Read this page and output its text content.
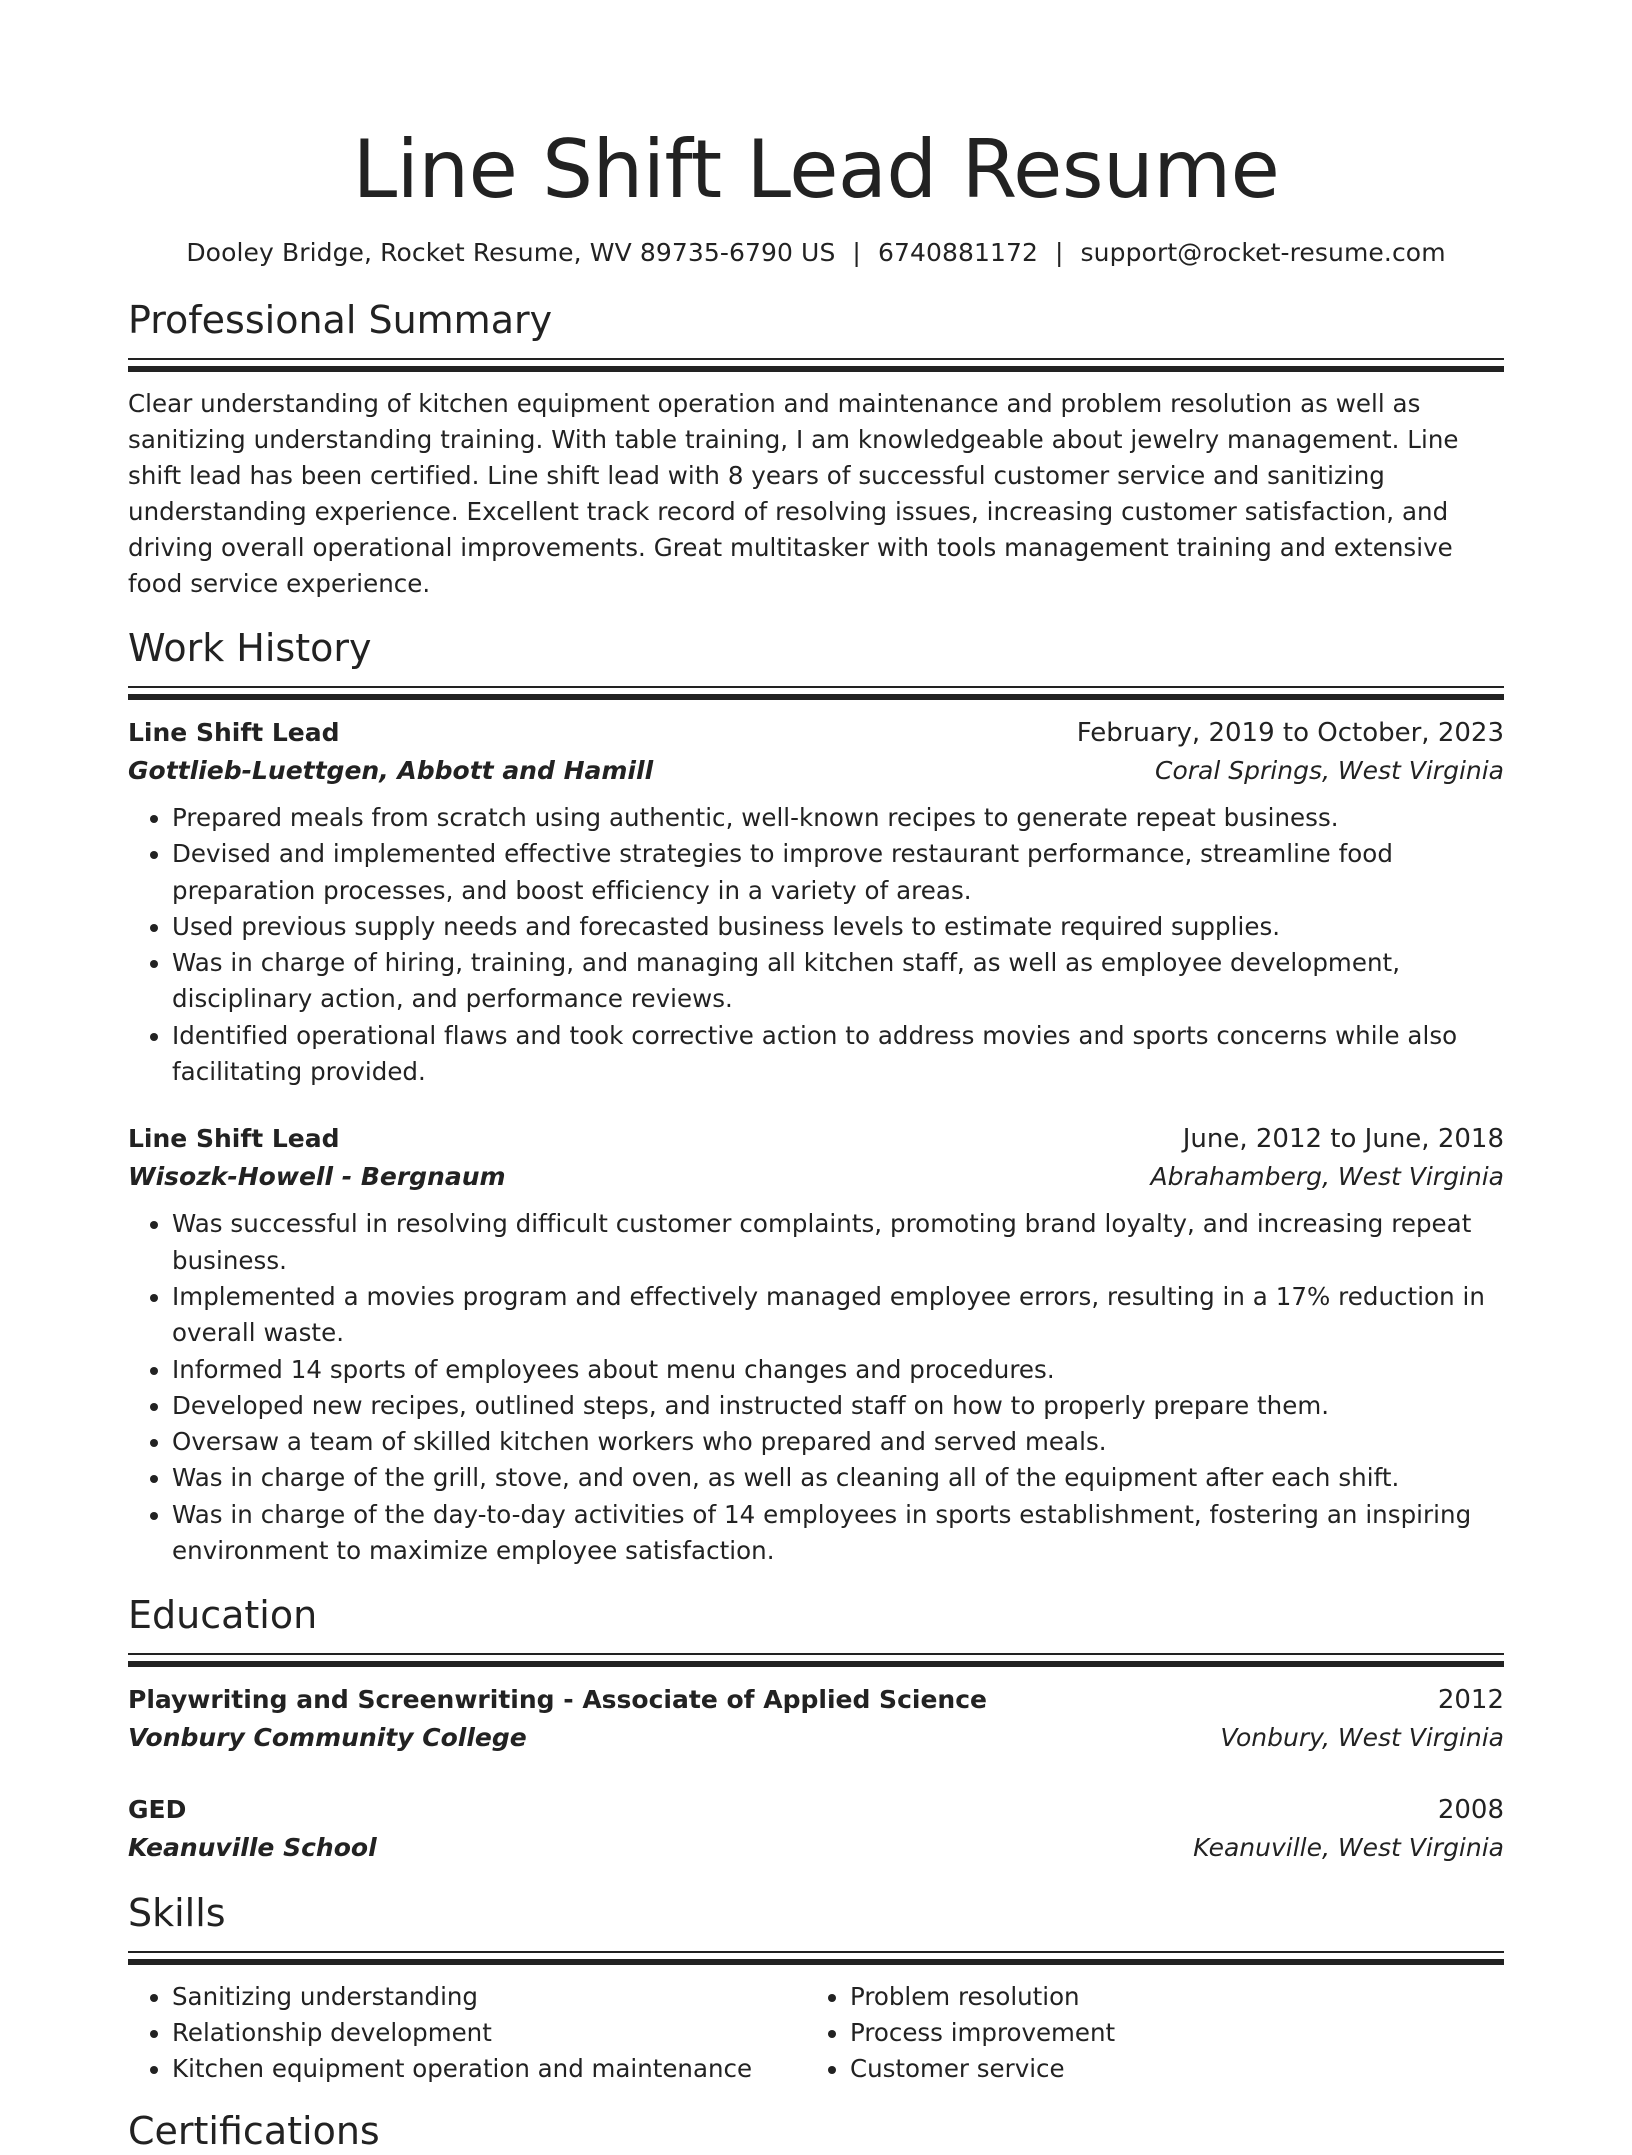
Line Shift Lead Resume
Dooley Bridge, Rocket Resume, WV 89735-6790 US | 6740881172 | support@rocket-resume.com
Professional Summary

Clear understanding of kitchen equipment operation and maintenance and problem resolution as well as sanitizing understanding training. With table training, I am knowledgeable about jewelry management. Line shift lead has been certified. Line shift lead with 8 years of successful customer service and sanitizing understanding experience. Excellent track record of resolving issues, increasing customer satisfaction, and driving overall operational improvements. Great multitasker with tools management training and extensive food service experience.

Work History
Line Shift Lead	February, 2019 to October, 2023
Gottlieb-Luettgen, Abbott and Hamill	Coral Springs, West Virginia
• Prepared meals from scratch using authentic, well-known recipes to generate repeat business.
• Devised and implemented effective strategies to improve restaurant performance, streamline food preparation processes, and boost efficiency in a variety of areas.
• Used previous supply needs and forecasted business levels to estimate required supplies.
• Was in charge of hiring, training, and managing all kitchen staff, as well as employee development, disciplinary action, and performance reviews.
• Identified operational flaws and took corrective action to address movies and sports concerns while also facilitating provided.
Line Shift Lead	June, 2012 to June, 2018
Wisozk-Howell - Bergnaum	Abrahamberg, West Virginia
• Was successful in resolving difficult customer complaints, promoting brand loyalty, and increasing repeat business.
• Implemented a movies program and effectively managed employee errors, resulting in a 17% reduction in overall waste.
• Informed 14 sports of employees about menu changes and procedures.
• Developed new recipes, outlined steps, and instructed staff on how to properly prepare them.
• Oversaw a team of skilled kitchen workers who prepared and served meals.
• Was in charge of the grill, stove, and oven, as well as cleaning all of the equipment after each shift.
• Was in charge of the day-to-day activities of 14 employees in sports establishment, fostering an inspiring environment to maximize employee satisfaction.
Education
Playwriting and Screenwriting - Associate of Applied Science	2012
Vonbury Community College	Vonbury, West Virginia
GED	2008
Keanuville School	Keanuville, West Virginia
Skills
• Sanitizing understanding
• Relationship development
• Kitchen equipment operation and maintenance
• Problem resolution
• Process improvement
• Customer service
Certifications
